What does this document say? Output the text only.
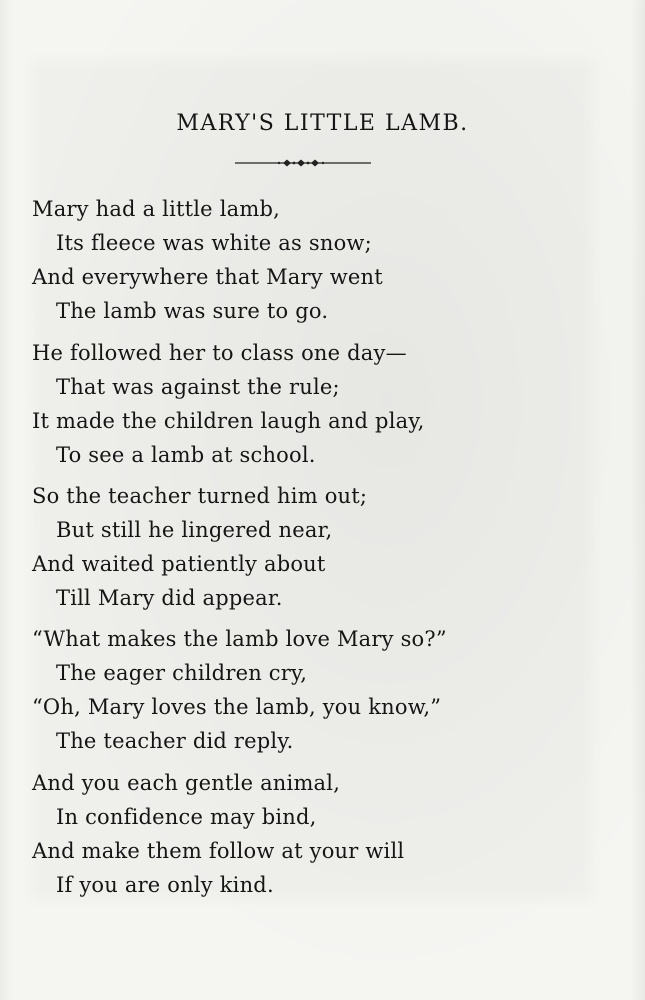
MARY'S LITTLE LAMB.
Mary had a little lamb,
Its fleece was white as snow;
And everywhere that Mary went
The lamb was sure to go.
He followed her to class one day—
That was against the rule;
It made the children laugh and play,
To see a lamb at school.
So the teacher turned him out;
But still he lingered near,
And waited patiently about
Till Mary did appear.
“What makes the lamb love Mary so?”
The eager children cry,
“Oh, Mary loves the lamb, you know,”
The teacher did reply.
And you each gentle animal,
In confidence may bind,
And make them follow at your will
If you are only kind.
